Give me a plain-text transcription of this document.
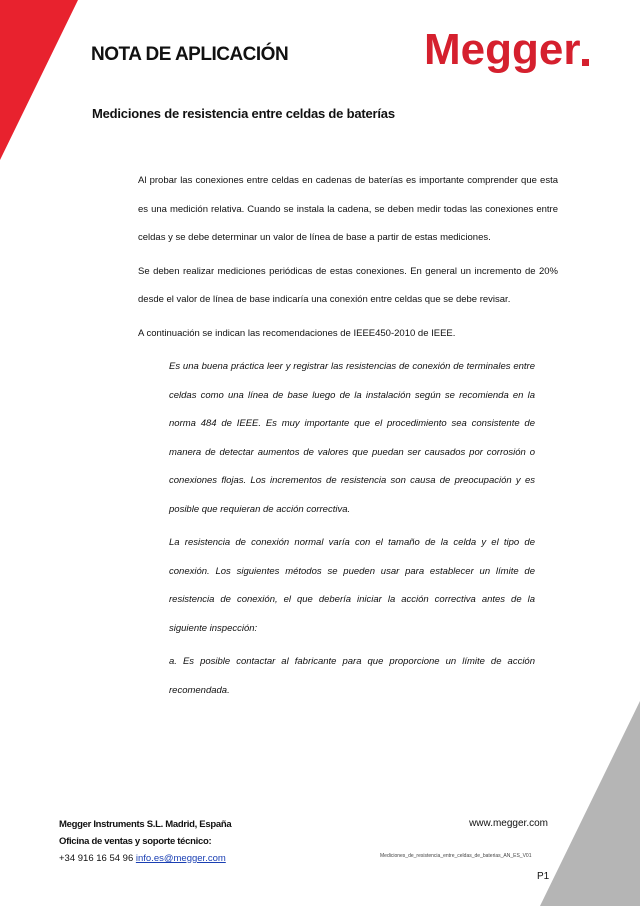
NOTA DE APLICACIÓN	Megger
Mediciones de resistencia entre celdas de baterías

Al probar las conexiones entre celdas en cadenas de baterías es importante comprender que esta es una medición relativa. Cuando se instala la cadena, se deben medir todas las conexiones entre celdas y se debe determinar un valor de línea de base a partir de estas mediciones.

Se deben realizar mediciones periódicas de estas conexiones. En general un incremento de 20% desde el valor de línea de base indicaría una conexión entre celdas que se debe revisar.

A continuación se indican las recomendaciones de IEEE450-2010 de IEEE.

Es una buena práctica leer y registrar las resistencias de conexión de terminales entre celdas como una línea de base luego de la instalación según se recomienda en la norma 484 de IEEE. Es muy importante que el procedimiento sea consistente de manera de detectar aumentos de valores que puedan ser causados por corrosión o conexiones flojas. Los incrementos de resistencia son causa de preocupación y es posible que requieran de acción correctiva.

La resistencia de conexión normal varía con el tamaño de la celda y el tipo de conexión. Los siguientes métodos se pueden usar para establecer un límite de resistencia de conexión, el que debería iniciar la acción correctiva antes de la siguiente inspección:

a. Es posible contactar al fabricante para que proporcione un límite de acción recomendada.

Megger Instruments S.L. Madrid, España
Oficina de ventas y soporte técnico:
+34 916 16 54 96 info.es@megger.com
www.megger.com
Mediciones_de_resistencia_entre_celdas_de_baterias_AN_ES_V01
P1
